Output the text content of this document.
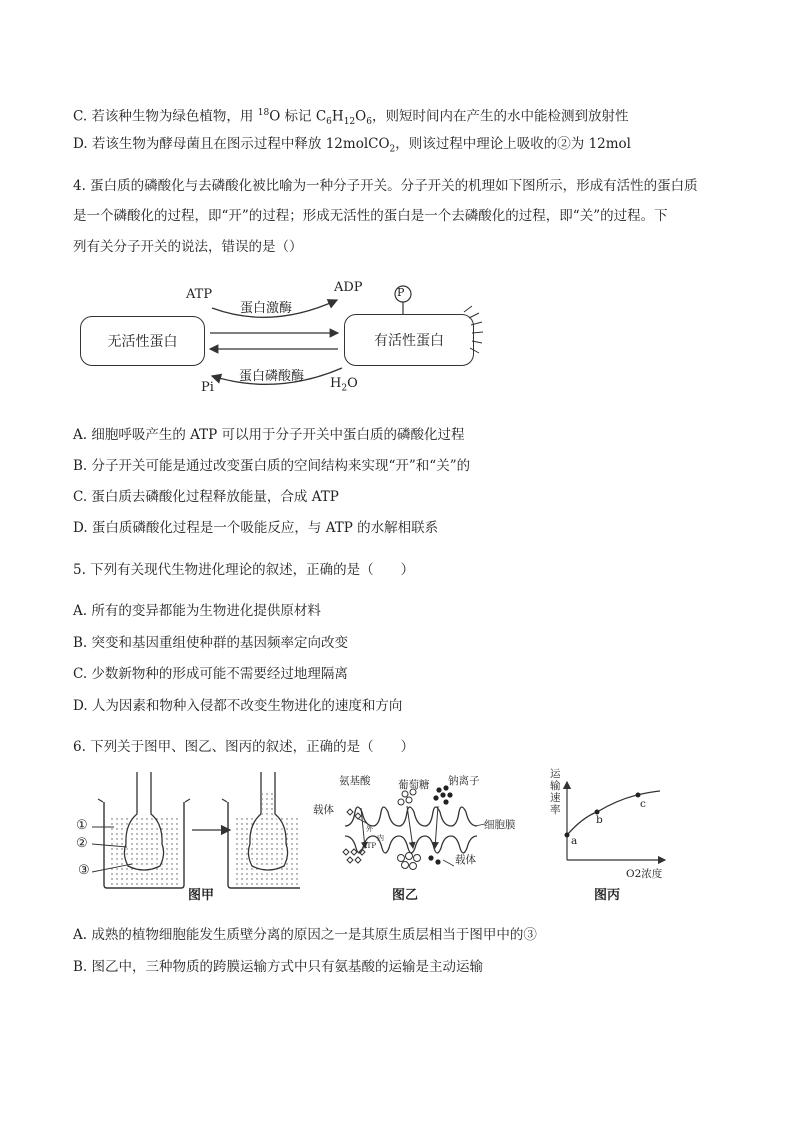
C. 若该种生物为绿色植物，用 $^{18}$O 标记 $C_6H_{12}O_6$，则短时间内在产生的水中能检测到放射性
D. 若该生物为酵母菌且在图示过程中释放 12molCO$_2$，则该过程中理论上吸收的②为 12mol
4. 蛋白质的磷酸化与去磷酸化被比喻为一种分子开关。分子开关的机理如下图所示，形成有活性的蛋白质
是一个磷酸化的过程，即“开”的过程；形成无活性的蛋白是一个去磷酸化的过程，即“关”的过程。下
列有关分子开关的说法，错误的是（）
无活性蛋白	有活性蛋白
P
ATP	ADP
蛋白激酶
蛋白磷酸酶
Pi	$H_2O$
A. 细胞呼吸产生的 ATP 可以用于分子开关中蛋白质的磷酸化过程
B. 分子开关可能是通过改变蛋白质的空间结构来实现“开”和“关”的
C. 蛋白质去磷酸化过程释放能量，合成 ATP
D. 蛋白质磷酸化过程是一个吸能反应，与 ATP 的水解相联系
5. 下列有关现代生物进化理论的叙述，正确的是（　　）
A. 所有的变异都能为生物进化提供原材料
B. 突变和基因重组使种群的基因频率定向改变
C. 少数新物种的形成可能不需要经过地理隔离
D. 人为因素和物种入侵都不改变生物进化的速度和方向
6. 下列关于图甲、图乙、图丙的叙述，正确的是（　　）
①
②
③
图甲
氨基酸	葡萄糖 钠离子
载体
载体
细胞膜
外
内
ATP
图乙
运
输
速
率
a
b
c
O2浓度
图丙
A. 成熟的植物细胞能发生质壁分离的原因之一是其原生质层相当于图甲中的③
B. 图乙中，三种物质的跨膜运输方式中只有氨基酸的运输是主动运输
